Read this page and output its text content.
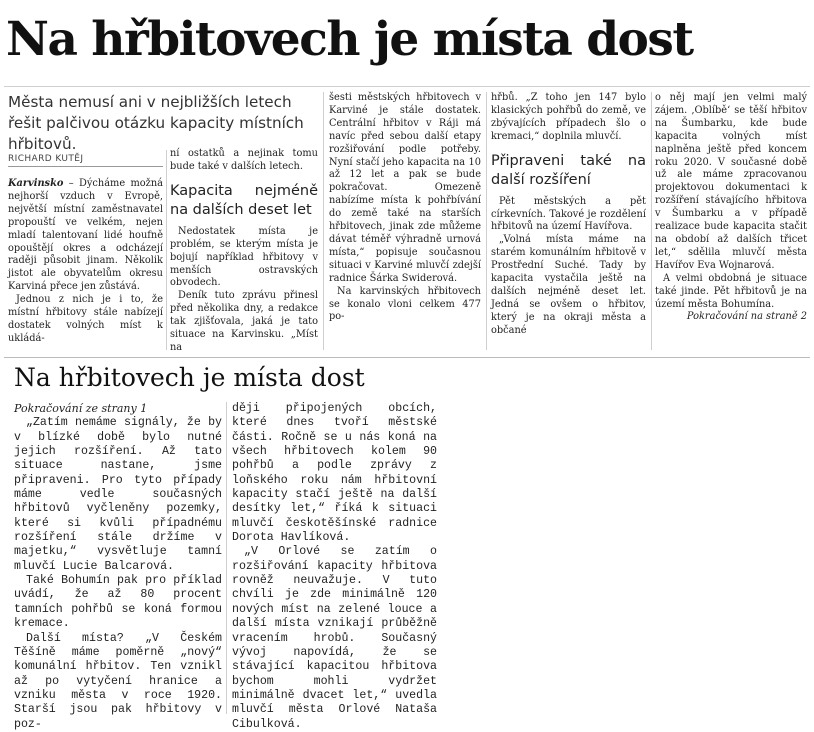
Na hřbitovech je místa dost
Města nemusí ani v nejbližších letech řešit palčivou otázku kapacity místních hřbitovů.
RICHARD KUTĚJ

Karvinsko – Dýcháme možná nejhorší vzduch v Evropě, největší místní zaměstnavatel propouští ve velkém, nejen mladí talentovaní lidé houfně opouštějí okres a odcházejí raději působit jinam. Několik jistot ale obyvatelům okresu Karviná přece jen zůstává.

Jednou z nich je i to, že místní hřbitovy stále nabízejí dostatek volných míst k ukládá-

ní ostatků a nejinak tomu bude také v dalších letech.

Kapacita nejméně na dalších deset let

Nedostatek místa je problém, se kterým místa je bojují například hřbitovy v menších ostravských obvodech.

Deník tuto zprávu přinesl před několika dny, a redakce tak zjišťovala, jaká je tato situace na Karvinsku. „Míst na

šesti městských hřbitovech v Karviné je stále dostatek. Centrální hřbitov v Ráji má navíc před sebou další etapy rozšiřování podle potřeby. Nyní stačí jeho kapacita na 10 až 12 let a pak se bude pokračovat. Omezeně nabízíme místa k pohřbívání do země také na starších hřbitovech, jinak zde můžeme dávat téměř výhradně urnová místa,“ popisuje současnou situaci v Karviné mluvčí zdejší radnice Šárka Swiderová.

Na karvinských hřbitovech se konalo vloni celkem 477 po-

hřbů. „Z toho jen 147 bylo klasických pohřbů do země, ve zbývajících případech šlo o kremaci,“ doplnila mluvčí.

Připraveni také na další rozšíření

Pět městských a pět církevních. Takové je rozdělení hřbitovů na území Havířova.

„Volná místa máme na starém komunálním hřbitově v Prostřední Suché. Tady by kapacita vystačila ještě na dalších nejméně deset let. Jedná se ovšem o hřbitov, který je na okraji města a občané

o něj mají jen velmi malý zájem. ‚Oblíbě‘ se těší hřbitov na Šumbarku, kde bude kapacita volných míst naplněna ještě před koncem roku 2020. V současné době už ale máme zpracovanou projektovou dokumentaci k rozšíření stávajícího hřbitova v Šumbarku a v případě realizace bude kapacita stačit na období až dalších třicet let,“ sdělila mluvčí města Havířov Eva Wojnarová.

A velmi obdobná je situace také jinde. Pět hřbitovů je na území města Bohumína.

Pokračování na straně 2

Na hřbitovech je místa dost

Pokračování ze strany 1

„Zatím nemáme signály, že by v blízké době bylo nutné jejich rozšíření. Až tato situace nastane, jsme připraveni. Pro tyto případy máme vedle současných hřbitovů vyčleněny pozemky, které si kvůli případnému rozšíření stále držíme v majetku,“ vysvětluje tamní mluvčí Lucie Balcarová.

Také Bohumín pak pro příklad uvádí, že až 80 procent tamních pohřbů se koná formou kremace.

Další místa? „V Českém Těšíně máme poměrně „nový“ komunální hřbitov. Ten vznikl až po vytyčení hranice a vzniku města v roce 1920. Starší jsou pak hřbitovy v poz-

ději připojených obcích, které dnes tvoří městské části. Ročně se u nás koná na všech hřbitovech kolem 90 pohřbů a podle zprávy z loňského roku nám hřbitovní kapacity stačí ještě na další desítky let,“ říká k situaci mluvčí českotěšínské radnice Dorota Havlíková.

„V Orlové se zatím o rozšiřování kapacity hřbitova rovněž neuvažuje. V tuto chvíli je zde minimálně 120 nových míst na zelené louce a další místa vznikají průběžně vracením hrobů. Současný vývoj napovídá, že se stávající kapacitou hřbitova bychom mohli vydržet minimálně dvacet let,“ uvedla mluvčí města Orlové Nataša Cibulková.
